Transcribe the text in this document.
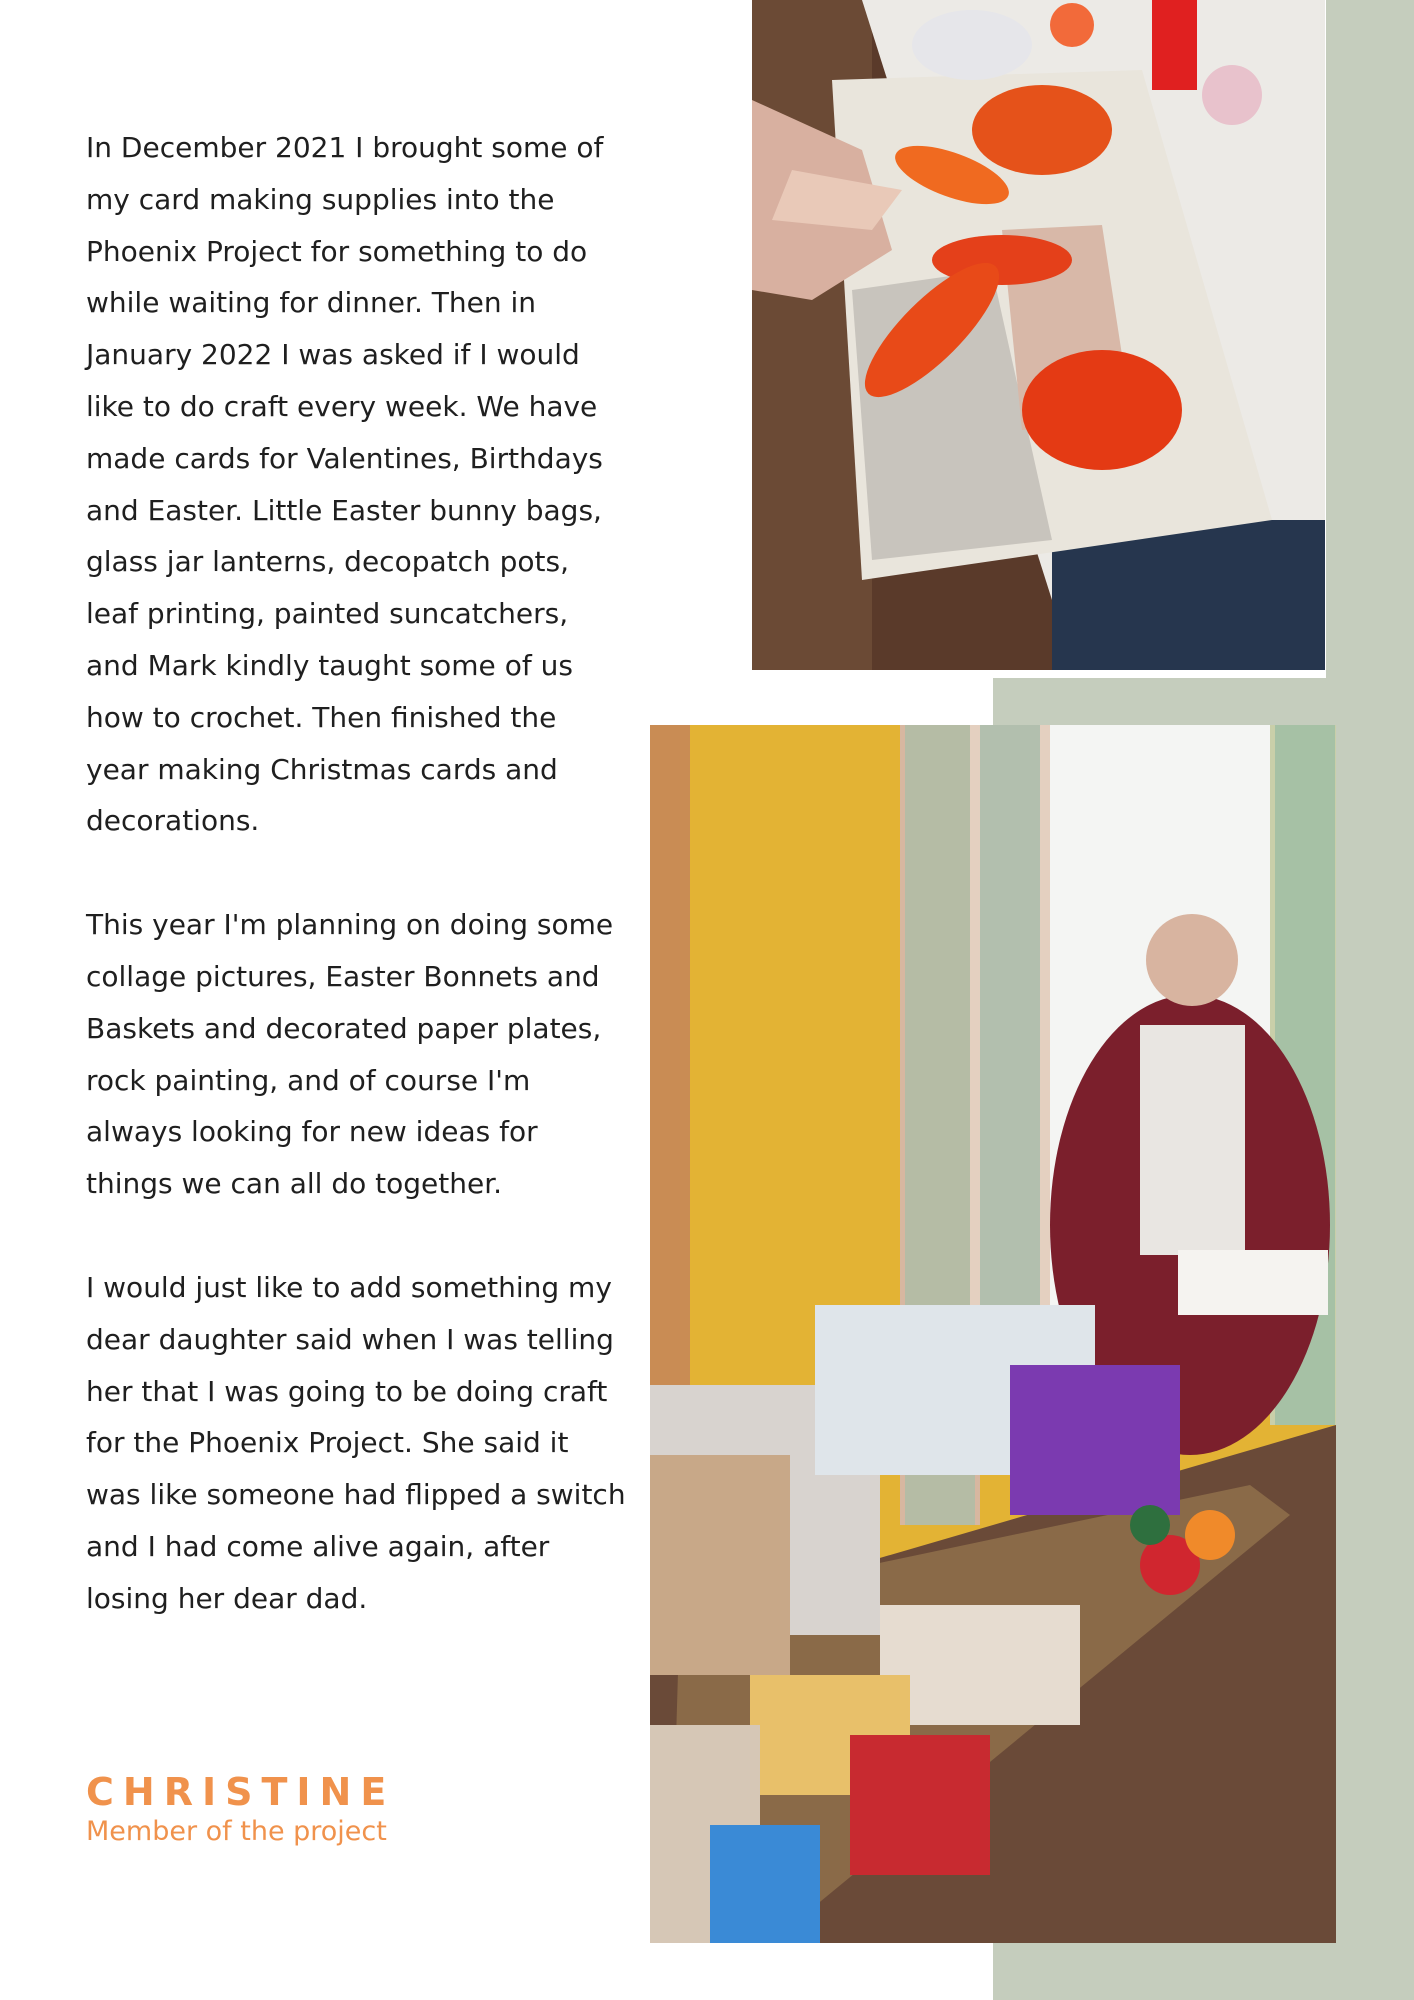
In December 2021 I brought some of my card making supplies into the Phoenix Project for something to do while waiting for dinner. Then in January 2022 I was asked if I would like to do craft every week. We have made cards for Valentines, Birthdays and Easter. Little Easter bunny bags, glass jar lanterns, decopatch pots, leaf printing, painted suncatchers, and Mark kindly taught some of us how to crochet. Then finished the year making Christmas cards and decorations.

This year I'm planning on doing some collage pictures, Easter Bonnets and Baskets and decorated paper plates, rock painting, and of course I'm always looking for new ideas for things we can all do together.

I would just like to add something my dear daughter said when I was telling her that I was going to be doing craft for the Phoenix Project. She said it was like someone had flipped a switch and I had come alive again, after losing her dear dad.

CHRISTINE
Member of the project
